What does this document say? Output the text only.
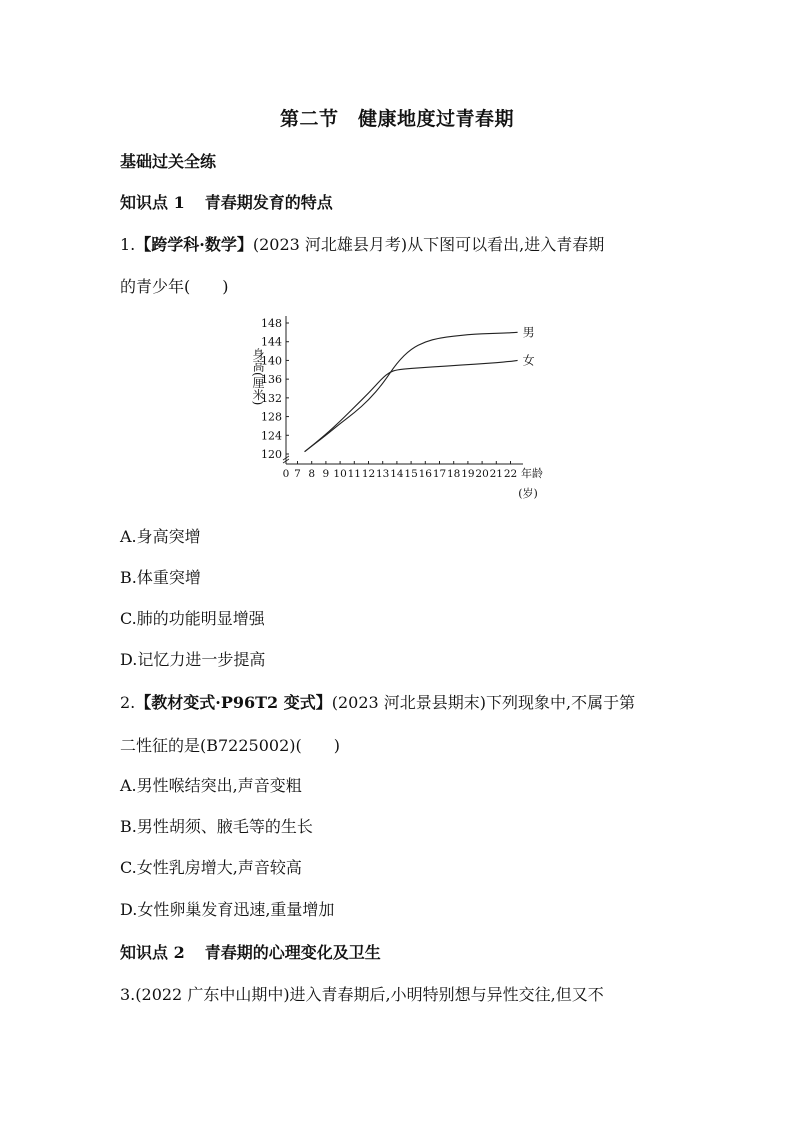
第二节　健康地度过青春期
基础过关全练
知识点 1 青春期发育的特点
1.【跨学科·数学】(2023 河北雄县月考)从下图可以看出,进入青春期
的青少年(　　)
120
124
128
132
136
140
144
148
0 7 8 9 10 11 12 13 14 15 16 17 18 19 20 21 22
男
女
身高(厘米)
年龄
(岁)
A.身高突增
B.体重突增
C.肺的功能明显增强
D.记忆力进一步提高
2.【教材变式·P96T2 变式】(2023 河北景县期末)下列现象中,不属于第
二性征的是(B7225002)(　　)
A.男性喉结突出,声音变粗
B.男性胡须、腋毛等的生长
C.女性乳房增大,声音较高
D.女性卵巢发育迅速,重量增加
知识点 2 青春期的心理变化及卫生
3.(2022 广东中山期中)进入青春期后,小明特别想与异性交往,但又不
